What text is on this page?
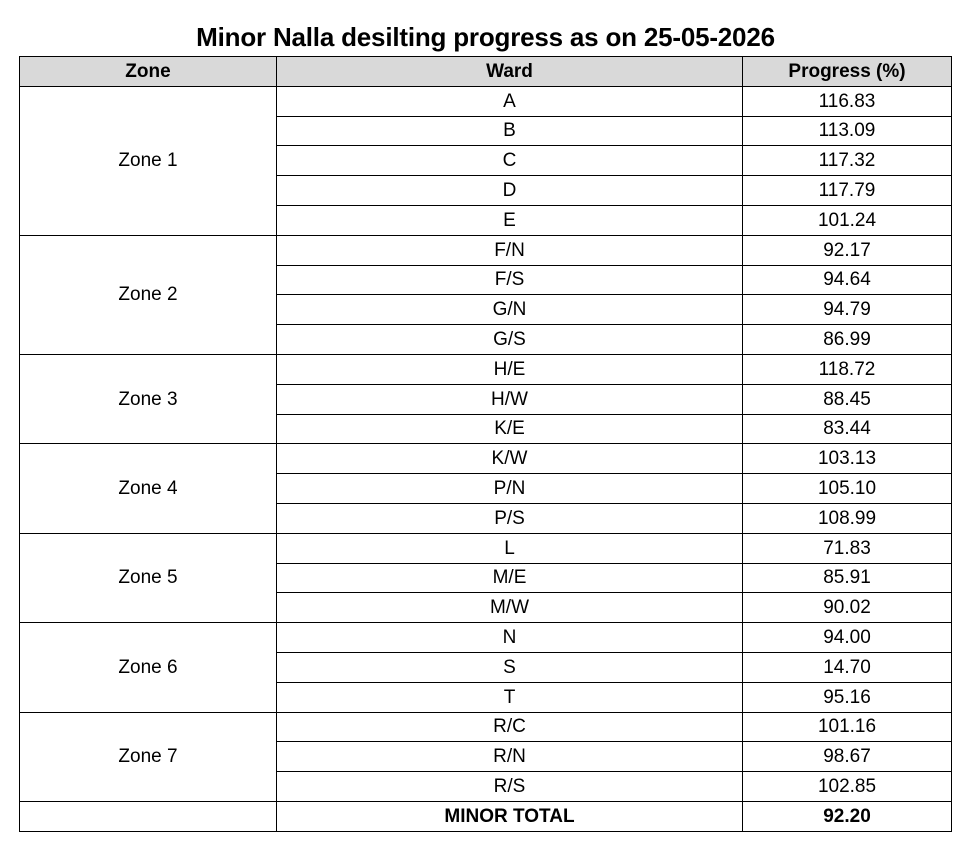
Minor Nalla desilting progress as on 25-05-2026
Zone	Ward	Progress (%)
Zone 1	A	116.83
	B	113.09
	C	117.32
	D	117.79
	E	101.24
Zone 2	F/N	92.17
	F/S	94.64
	G/N	94.79
	G/S	86.99
Zone 3	H/E	118.72
	H/W	88.45
	K/E	83.44
Zone 4	K/W	103.13
	P/N	105.10
	P/S	108.99
Zone 5	L	71.83
	M/E	85.91
	M/W	90.02
Zone 6	N	94.00
	S	14.70
	T	95.16
Zone 7	R/C	101.16
	R/N	98.67
	R/S	102.85
	MINOR TOTAL	92.20
